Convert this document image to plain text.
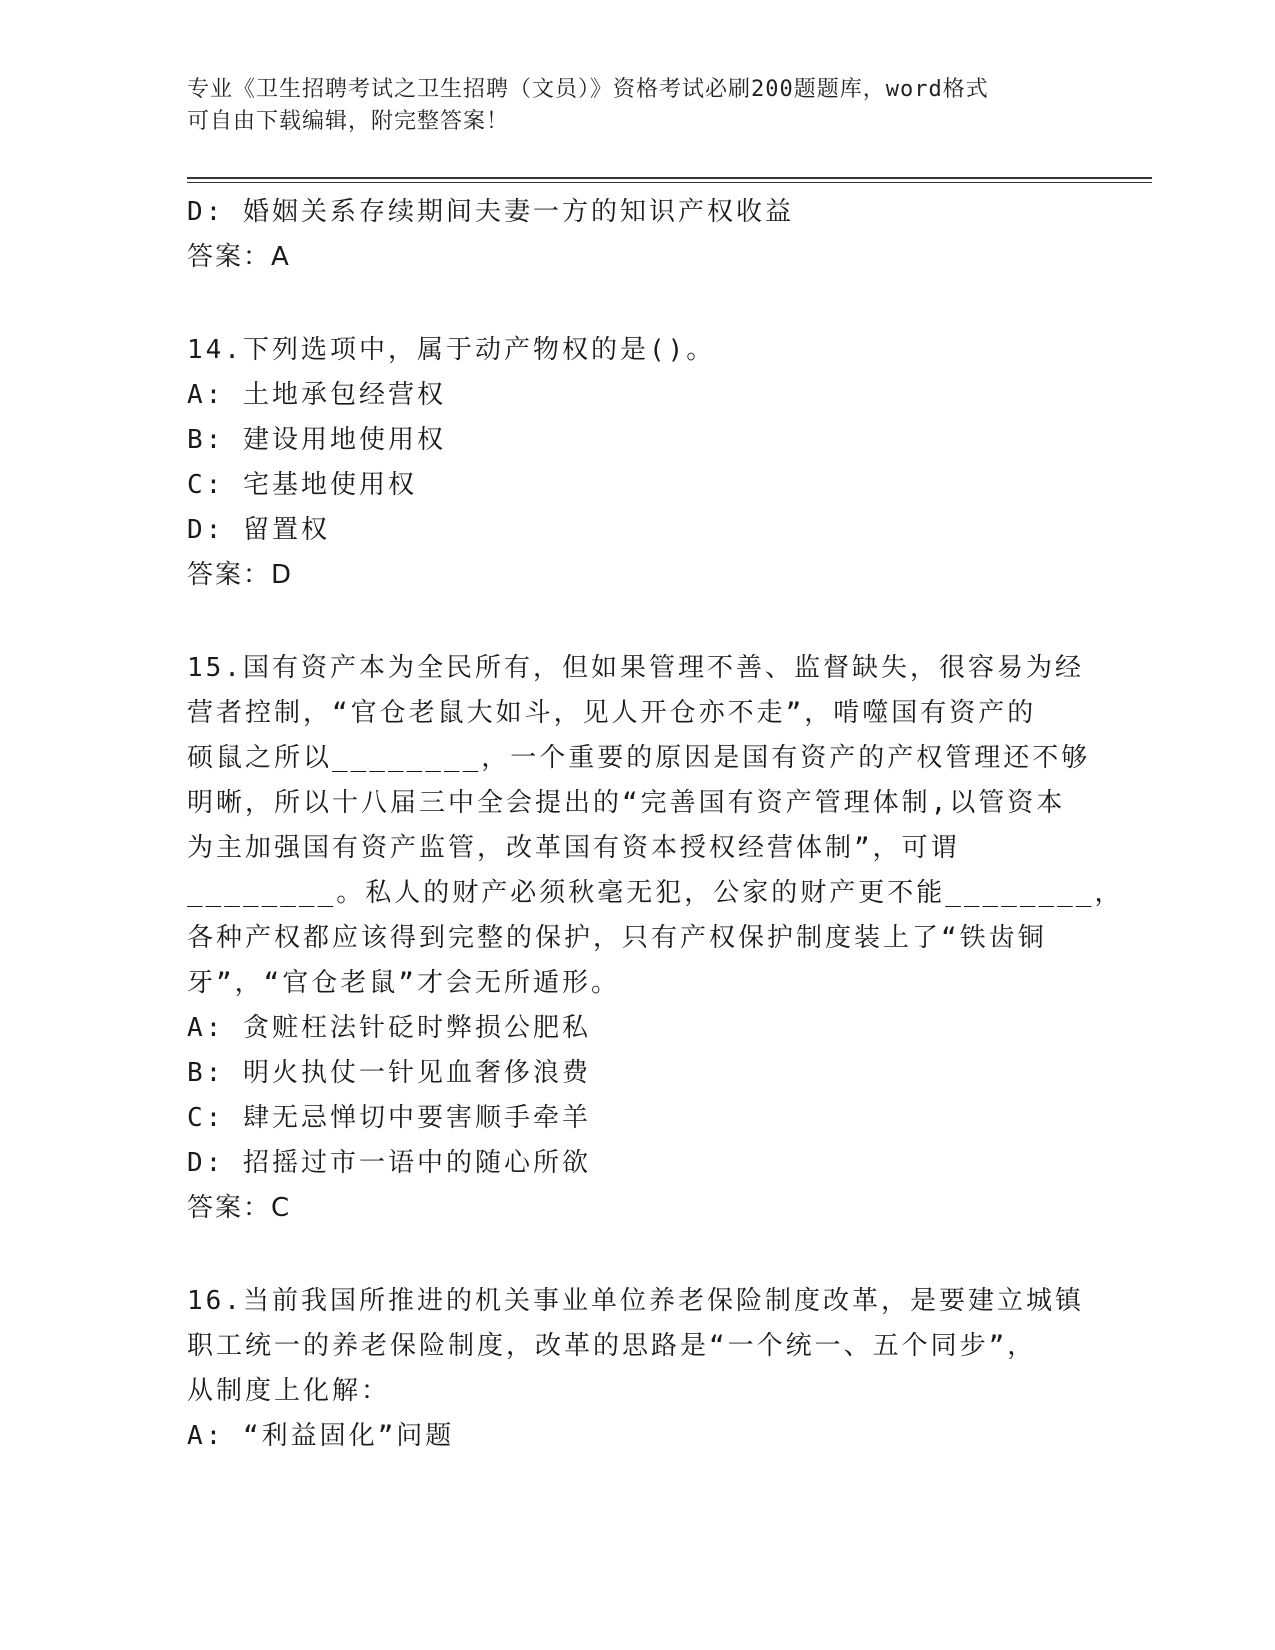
专业《卫生招聘考试之卫生招聘（文员）》资格考试必刷200题题库，word格式
可自由下载编辑，附完整答案！
D: 婚姻关系存续期间夫妻一方的知识产权收益
答案：A
14.下列选项中，属于动产物权的是()。
A: 土地承包经营权
B: 建设用地使用权
C: 宅基地使用权
D: 留置权
答案：D
15.国有资产本为全民所有，但如果管理不善、监督缺失，很容易为经
营者控制，“官仓老鼠大如斗，见人开仓亦不走”，啃噬国有资产的
硕鼠之所以________，一个重要的原因是国有资产的产权管理还不够
明晰，所以十八届三中全会提出的“完善国有资产管理体制,以管资本
为主加强国有资产监管，改革国有资本授权经营体制”，可谓
________。私人的财产必须秋毫无犯，公家的财产更不能________，
各种产权都应该得到完整的保护，只有产权保护制度装上了“铁齿铜
牙”，“官仓老鼠”才会无所遁形。
A: 贪赃枉法针砭时弊损公肥私
B: 明火执仗一针见血奢侈浪费
C: 肆无忌惮切中要害顺手牵羊
D: 招摇过市一语中的随心所欲
答案：C
16.当前我国所推进的机关事业单位养老保险制度改革，是要建立城镇
职工统一的养老保险制度，改革的思路是“一个统一、五个同步”，
从制度上化解：
A: “利益固化”问题
